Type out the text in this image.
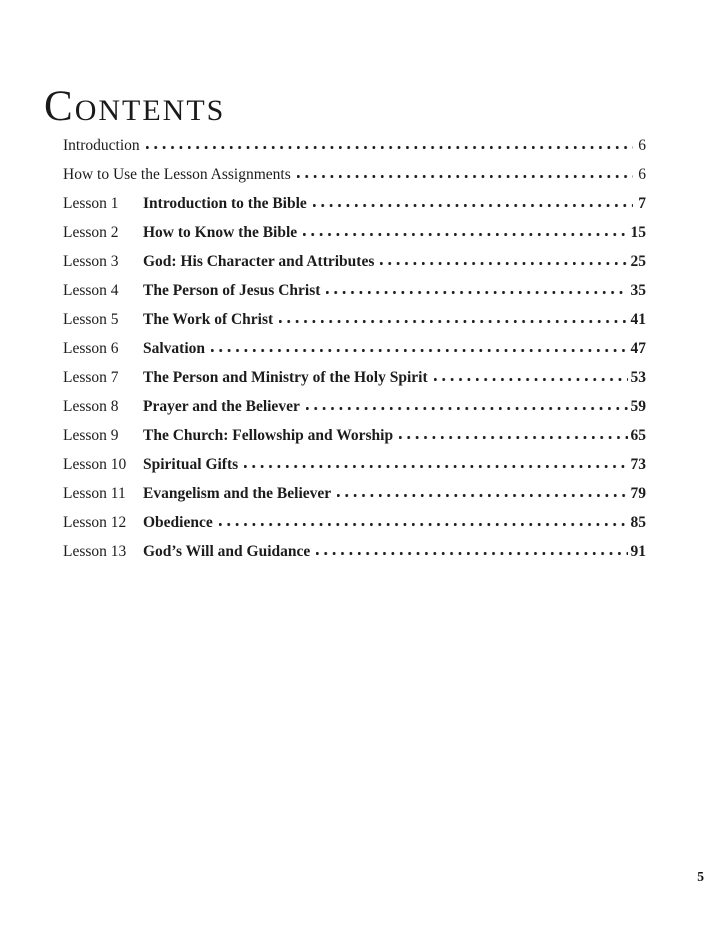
CONTENTS
Introduction	6
How to Use the Lesson Assignments	6
Lesson 1	Introduction to the Bible	7
Lesson 2	How to Know the Bible	15
Lesson 3	God: His Character and Attributes	25
Lesson 4	The Person of Jesus Christ	35
Lesson 5	The Work of Christ	41
Lesson 6	Salvation	47
Lesson 7	The Person and Ministry of the Holy Spirit	53
Lesson 8	Prayer and the Believer	59
Lesson 9	The Church: Fellowship and Worship	65
Lesson 10	Spiritual Gifts	73
Lesson 11	Evangelism and the Believer	79
Lesson 12	Obedience	85
Lesson 13	God’s Will and Guidance	91
5
